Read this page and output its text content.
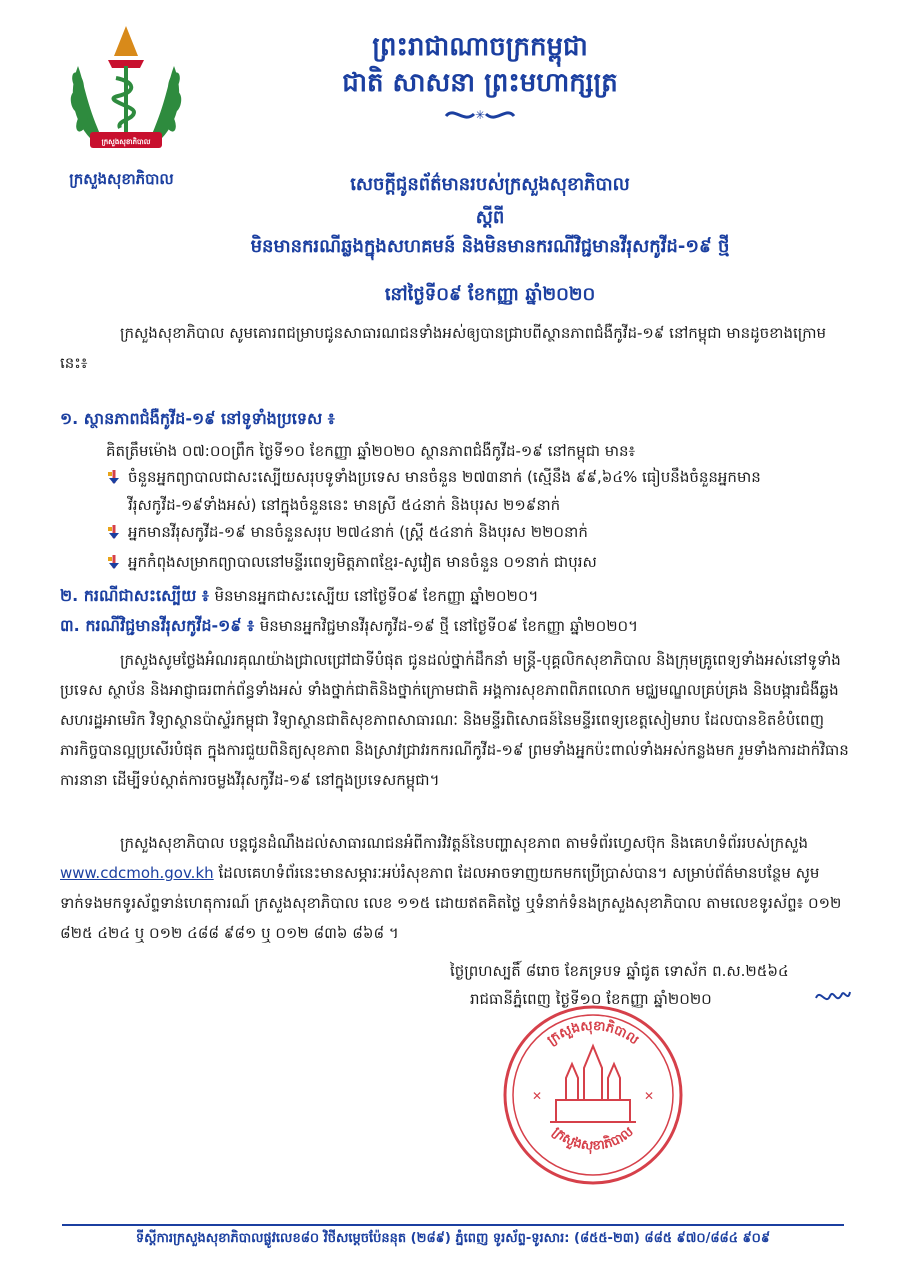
ក្រសួងសុខាភិបាល
ក្រសួងសុខាភិបាល
ព្រះរាជាណាចក្រកម្ពុជា
ជាតិ សាសនា ព្រះមហាក្សត្រ
✳
សេចក្តីជូនព័ត៌មានរបស់ក្រសួងសុខាភិបាល
ស្តីពី
មិនមានករណីឆ្លងក្នុងសហគមន៍ និងមិនមានករណីវិជ្ជមានវីរុសកូវីដ-១៩ ថ្មី
នៅថ្ងៃទី០៩ ខែកញ្ញា ឆ្នាំ២០២០
ក្រសួងសុខាភិបាល សូមគោរពជម្រាបជូនសាធារណជនទាំងអស់ឲ្យបានជ្រាបពីស្ថានភាពជំងឺកូវីដ-១៩ នៅកម្ពុជា មានដូចខាងក្រោមនេះ៖
១. ស្ថានភាពជំងឺកូវីដ-១៩ នៅទូទាំងប្រទេស ៖
គិតត្រឹមម៉ោង ០៧:០០ព្រឹក ថ្ងៃទី១០ ខែកញ្ញា ឆ្នាំ២០២០ ស្ថានភាពជំងឺកូវីដ-១៩ នៅកម្ពុជា មាន៖
ចំនួនអ្នកព្យាបាលជាសះស្បើយសរុបទូទាំងប្រទេស មានចំនួន ២៧៣នាក់ (ស្មើនឹង ៩៩,៦៤% ធៀបនឹងចំនួនអ្នកមានវីរុសកូវីដ-១៩ទាំងអស់) នៅក្នុងចំនួននេះ មានស្រី ៥៤នាក់ និងបុរស ២១៩នាក់
អ្នកមានវីរុសកូវីដ-១៩ មានចំនួនសរុប ២៧៤នាក់ (ស្ត្រី ៥៤នាក់ និងបុរស ២២០នាក់
អ្នកកំពុងសម្រាកព្យាបាលនៅមន្ទីរពេទ្យមិត្តភាពខ្មែរ-សូវៀត មានចំនួន ០១នាក់ ជាបុរស
២. ករណីជាសះស្បើយ ៖ មិនមានអ្នកជាសះស្បើយ នៅថ្ងៃទី០៩ ខែកញ្ញា ឆ្នាំ២០២០។
៣. ករណីវិជ្ជមានវីរុសកូវីដ-១៩ ៖ មិនមានអ្នកវិជ្ជមានវីរុសកូវីដ-១៩ ថ្មី នៅថ្ងៃទី០៩ ខែកញ្ញា ឆ្នាំ២០២០។
ក្រសួងសូមថ្លែងអំណរគុណយ៉ាងជ្រាលជ្រៅជាទីបំផុត ជូនដល់ថ្នាក់ដឹកនាំ មន្ត្រី-បុគ្គលិកសុខាភិបាល និងក្រុមគ្រូពេទ្យទាំងអស់នៅទូទាំងប្រទេស ស្ថាប័ន និងអាជ្ញាធរពាក់ព័ន្ធទាំងអស់ ទាំងថ្នាក់ជាតិនិងថ្នាក់ក្រោមជាតិ អង្គការសុខភាពពិភពលោក មជ្ឈមណ្ឌលគ្រប់គ្រង និងបង្ការជំងឺឆ្លងសហរដ្ឋអាមេរិក វិទ្យាស្ថានប៉ាស្ទ័រកម្ពុជា វិទ្យាស្ថានជាតិសុខភាពសាធារណៈ និងមន្ទីរពិសោធន៍នៃមន្ទីរពេទ្យខេត្តសៀមរាប ដែលបានខិតខំបំពេញភារកិច្ចបានល្អប្រសើរបំផុត ក្នុងការជួយពិនិត្យសុខភាព និងស្រាវជ្រាវរកករណីកូវីដ-១៩ ព្រមទាំងអ្នកប៉ះពាល់ទាំងអស់កន្លងមក រួមទាំងការដាក់វិធានការនានា ដើម្បីទប់ស្កាត់ការចម្លងវីរុសកូវីដ-១៩ នៅក្នុងប្រទេសកម្ពុជា។
ក្រសួងសុខាភិបាល បន្តជូនដំណឹងដល់សាធារណជនអំពីការវិវត្តន៍នៃបញ្ហាសុខភាព តាមទំព័រហ្វេសប៊ុក និងគេហទំព័ររបស់ក្រសួង www.cdcmoh.gov.kh ដែលគេហទំព័រនេះមានសម្ភារៈអប់រំសុខភាព ដែលអាចទាញយកមកប្រើប្រាស់បាន។ សម្រាប់ព័ត៌មានបន្ថែម សូមទាក់ទងមកទូរស័ព្ទទាន់ហេតុការណ៍ ក្រសួងសុខាភិបាល លេខ ១១៥ ដោយឥតគិតថ្លៃ ឬទំនាក់ទំនងក្រសួងសុខាភិបាល តាមលេខទូរស័ព្ទ៖ ០១២ ៨២៥ ៤២៤ ឬ ០១២ ៤៨៨ ៩៨១ ឬ ០១២ ៨៣៦ ៨៦៨ ។
ថ្ងៃព្រហស្បតិ៍ ៨រោច ខែភទ្របទ ឆ្នាំជូត ទោស័ក ព.ស.២៥៦៤
រាជធានីភ្នំពេញ ថ្ងៃទី១០ ខែកញ្ញា ឆ្នាំ២០២០
ក្រសួងសុខាភិបាល
ក្រសួងសុខាភិបាល
✕	✕
ទីស្តីការក្រសួងសុខាភិបាលផ្លូវលេខ៨០ វិថីសម្តេចប៉ែននុត (២៨៩) ភ្នំពេញ ទូរស័ព្ទ-ទូរសារ: (៨៥៥-២៣) ៨៨៥ ៩៧០/៨៨៤ ៩០៩
